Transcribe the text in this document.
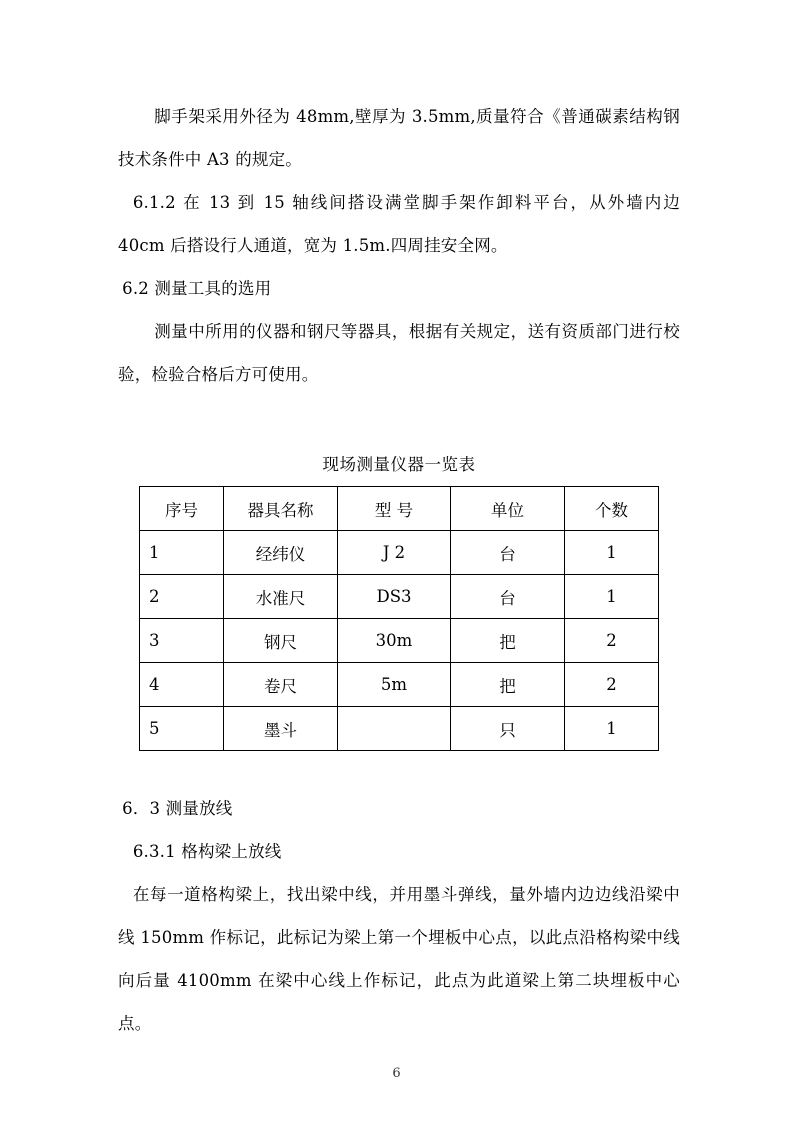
脚手架采用外径为 48mm,壁厚为 3.5mm,质量符合《普通碳素结构钢技术条件中 A3 的规定。

6.1.2 在 13 到 15 轴线间搭设满堂脚手架作卸料平台，从外墙内边 40cm 后搭设行人通道，宽为 1.5m.四周挂安全网。

6.2 测量工具的选用

测量中所用的仪器和钢尺等器具，根据有关规定，送有资质部门进行校验，检验合格后方可使用。

现场测量仪器一览表

序号	器具名称	型 号	单位	个数
1	经纬仪	J 2	台	1
2	水准尺	DS3	台	1
3	钢尺	30m	把	2
4	卷尺	5m	把	2
5	墨斗		只	1

6．3 测量放线

6.3.1 格构梁上放线

在每一道格构梁上，找出梁中线，并用墨斗弹线，量外墙内边边线沿梁中线 150mm 作标记，此标记为梁上第一个埋板中心点，以此点沿格构梁中线向后量 4100mm 在梁中心线上作标记，此点为此道梁上第二块埋板中心点。

6
